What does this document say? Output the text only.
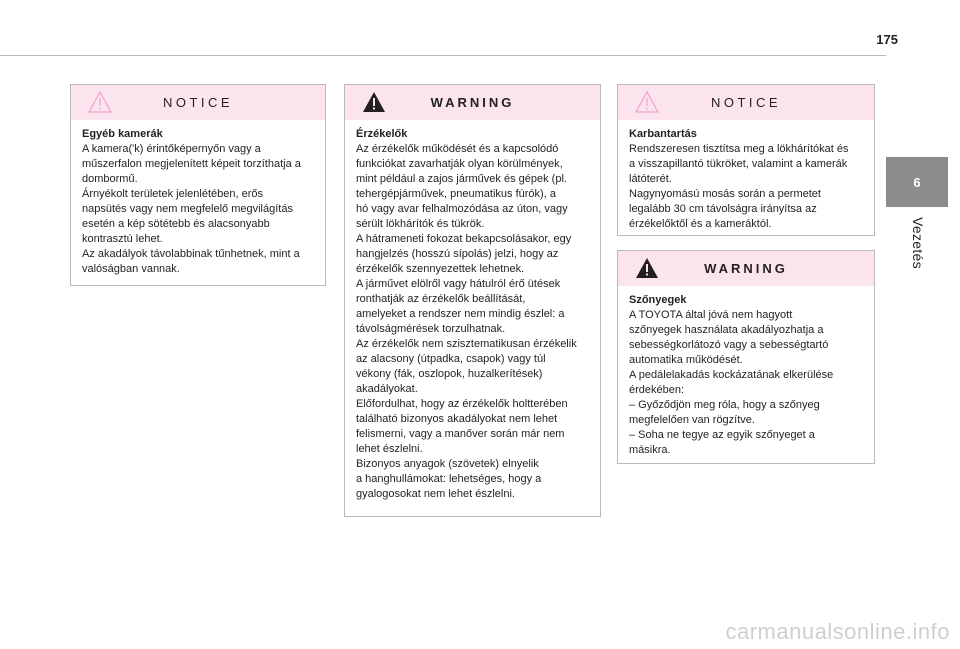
175
6
Vezetés
NOTICE

Egyéb kamerák

A kamera('k) érintőképernyőn vagy a

műszerfalon megjelenített képeit torzíthatja a

dombormű.

Árnyékolt területek jelenlétében, erős

napsütés vagy nem megfelelő megvilágítás

esetén a kép sötétebb és alacsonyabb

kontrasztú lehet.

Az akadályok távolabbinak tűnhetnek, mint a

valóságban vannak.

WARNING

Érzékelők

Az érzékelők működését és a kapcsolódó

funkciókat zavarhatják olyan körülmények,

mint például a zajos járművek és gépek (pl.

tehergépjárművek, pneumatikus fúrók), a

hó vagy avar felhalmozódása az úton, vagy

sérült lökhárítók és tükrök.

A hátrameneti fokozat bekapcsolásakor, egy

hangjelzés (hosszú sípolás) jelzi, hogy az

érzékelők szennyezettek lehetnek.

A járművet elölről vagy hátulról érő ütések

ronthatják az érzékelők beállítását,

amelyeket a rendszer nem mindig észlel: a

távolságmérések torzulhatnak.

Az érzékelők nem szisztematikusan érzékelik

az alacsony (útpadka, csapok) vagy túl

vékony (fák, oszlopok, huzalkerítések)

akadályokat.

Előfordulhat, hogy az érzékelők holtterében

található bizonyos akadályokat nem lehet

felismerni, vagy a manőver során már nem

lehet észlelni.

Bizonyos anyagok (szövetek) elnyelik

a hanghullámokat: lehetséges, hogy a

gyalogosokat nem lehet észlelni.

NOTICE

Karbantartás

Rendszeresen tisztítsa meg a lökhárítókat és

a visszapillantó tükröket, valamint a kamerák

látóterét.

Nagynyomású mosás során a permetet

legalább 30 cm távolságra irányítsa az

érzékelőktől és a kameráktól.

WARNING

Szőnyegek

A TOYOTA által jóvá nem hagyott

szőnyegek használata akadályozhatja a

sebességkorlátozó vagy a sebességtartó

automatika működését.

A pedálelakadás kockázatának elkerülése

érdekében:

– Győződjön meg róla, hogy a szőnyeg

megfelelően van rögzítve.

– Soha ne tegye az egyik szőnyeget a

másikra.

carmanualsonline.info
